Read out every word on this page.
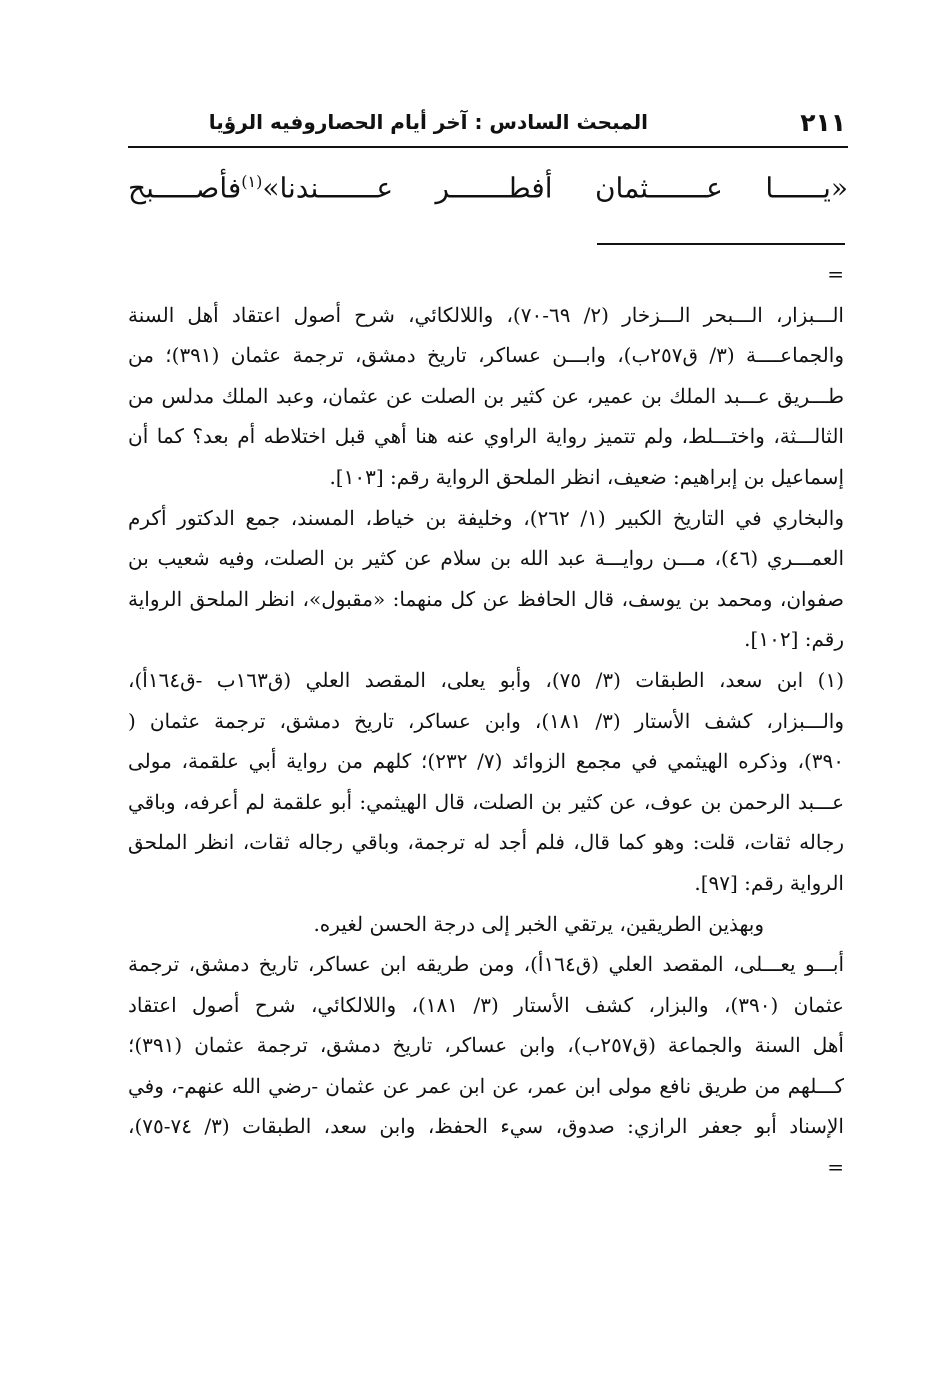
٢١١
المبحث السادس : آخر أيام الحصاروفيه الرؤيا
«يــــــا عـــــــثمان أفطـــــــر عـــــــندنا»$^{(١)}$فأصـــــبح
=
الـــبزار، الـــبحر الـــزخار (٢/ ٦٩-٧٠)، واللالكائي، شرح أصول اعتقاد أهل السنة
والجماعــــة (٣/ ق٢٥٧ب)، وابـــن عساكر، تاريخ دمشق، ترجمة عثمان (٣٩١)؛ من
طـــريق عـــبد الملك بن عمير، عن كثير بن الصلت عن عثمان، وعبد الملك مدلس من
الثالـــثة، واختـــلط، ولم تتميز رواية الراوي عنه هنا أهي قبل اختلاطه أم بعد؟ كما أن
إسماعيل بن إبراهيم: ضعيف، انظر الملحق الرواية رقم: [١٠٣].
والبخاري في التاريخ الكبير (١/ ٢٦٢)، وخليفة بن خياط، المسند، جمع الدكتور أكرم
العمـــري (٤٦)، مـــن روايـــة عبد الله بن سلام عن كثير بن الصلت، وفيه شعيب بن
صفوان، ومحمد بن يوسف، قال الحافظ عن كل منهما: «مقبول»، انظر الملحق الرواية
رقم: [١٠٢].
(١) ابن سعد، الطبقات (٣/ ٧٥)، وأبو يعلى، المقصد العلي (ق١٦٣ب -ق١٦٤أ)،
والـــبزار، كشف الأستار (٣/ ١٨١)، وابن عساكر، تاريخ دمشق، ترجمة عثمان (
٣٩٠)، وذكره الهيثمي في مجمع الزوائد (٧/ ٢٣٢)؛ كلهم من رواية أبي علقمة، مولى
عـــبد الرحمن بن عوف، عن كثير بن الصلت، قال الهيثمي: أبو علقمة لم أعرفه، وباقي
رجاله ثقات، قلت: وهو كما قال، فلم أجد له ترجمة، وباقي رجاله ثقات، انظر الملحق
الرواية رقم: [٩٧].
وبهذين الطريقين، يرتقي الخبر إلى درجة الحسن لغيره.
أبـــو يعـــلى، المقصد العلي (ق١٦٤أ)، ومن طريقه ابن عساكر، تاريخ دمشق، ترجمة
عثمان (٣٩٠)، والبزار، كشف الأستار (٣/ ١٨١)، واللالكائي، شرح أصول اعتقاد
أهل السنة والجماعة (ق٢٥٧ب)، وابن عساكر، تاريخ دمشق، ترجمة عثمان (٣٩١)؛
كـــلهم من طريق نافع مولى ابن عمر، عن ابن عمر عن عثمان -رضي الله عنهم-، وفي
الإسناد أبو جعفر الرازي: صدوق، سيء الحفظ، وابن سعد، الطبقات (٣/ ٧٤-٧٥)،
=
